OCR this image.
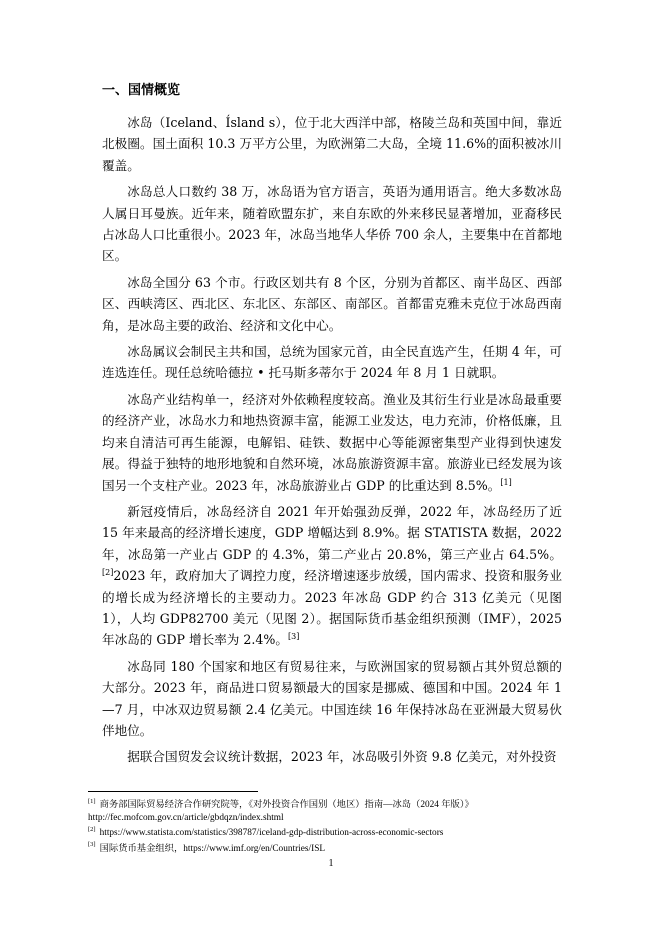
一、国情概览

冰岛（Iceland、Ísland s），位于北大西洋中部，格陵兰岛和英国中间，靠近北极圈。国土面积 10.3 万平方公里，为欧洲第二大岛，全境 11.6%的面积被冰川覆盖。

冰岛总人口数约 38 万，冰岛语为官方语言，英语为通用语言。绝大多数冰岛人属日耳曼族。近年来，随着欧盟东扩，来自东欧的外来移民显著增加，亚裔移民占冰岛人口比重很小。2023 年，冰岛当地华人华侨 700 余人，主要集中在首都地区。

冰岛全国分 63 个市。行政区划共有 8 个区，分别为首都区、南半岛区、西部区、西峡湾区、西北区、东北区、东部区、南部区。首都雷克雅未克位于冰岛西南角，是冰岛主要的政治、经济和文化中心。

冰岛属议会制民主共和国，总统为国家元首，由全民直选产生，任期 4 年，可连选连任。现任总统哈德拉 • 托马斯多蒂尔于 2024 年 8 月 1 日就职。

冰岛产业结构单一，经济对外依赖程度较高。渔业及其衍生行业是冰岛最重要的经济产业，冰岛水力和地热资源丰富，能源工业发达，电力充沛，价格低廉，且均来自清洁可再生能源，电解铝、硅铁、数据中心等能源密集型产业得到快速发展。得益于独特的地形地貌和自然环境，冰岛旅游资源丰富。旅游业已经发展为该国另一个支柱产业。2023 年，冰岛旅游业占 GDP 的比重达到 8.5%。[1]

新冠疫情后，冰岛经济自 2021 年开始强劲反弹，2022 年，冰岛经历了近 15 年来最高的经济增长速度，GDP 增幅达到 8.9%。据 STATISTA 数据，2022 年，冰岛第一产业占 GDP 的 4.3%，第二产业占 20.8%，第三产业占 64.5%。[2]2023 年，政府加大了调控力度，经济增速逐步放缓，国内需求、投资和服务业的增长成为经济增长的主要动力。2023 年冰岛 GDP 约合 313 亿美元（见图 1），人均 GDP82700 美元（见图 2）。据国际货币基金组织预测（IMF），2025 年冰岛的 GDP 增长率为 2.4%。[3]

冰岛同 180 个国家和地区有贸易往来，与欧洲国家的贸易额占其外贸总额的大部分。2023 年，商品进口贸易额最大的国家是挪威、德国和中国。2024 年 1—7 月，中冰双边贸易额 2.4 亿美元。中国连续 16 年保持冰岛在亚洲最大贸易伙伴地位。

据联合国贸发会议统计数据，2023 年，冰岛吸引外资 9.8 亿美元，对外投资

[1] 商务部国际贸易经济合作研究院等，《对外投资合作国别（地区）指南—冰岛（2024 年版）》
http://fec.mofcom.gov.cn/article/gbdqzn/index.shtml
[2] https://www.statista.com/statistics/398787/iceland-gdp-distribution-across-economic-sectors
[3] 国际货币基金组织，https://www.imf.org/en/Countries/ISL
1
